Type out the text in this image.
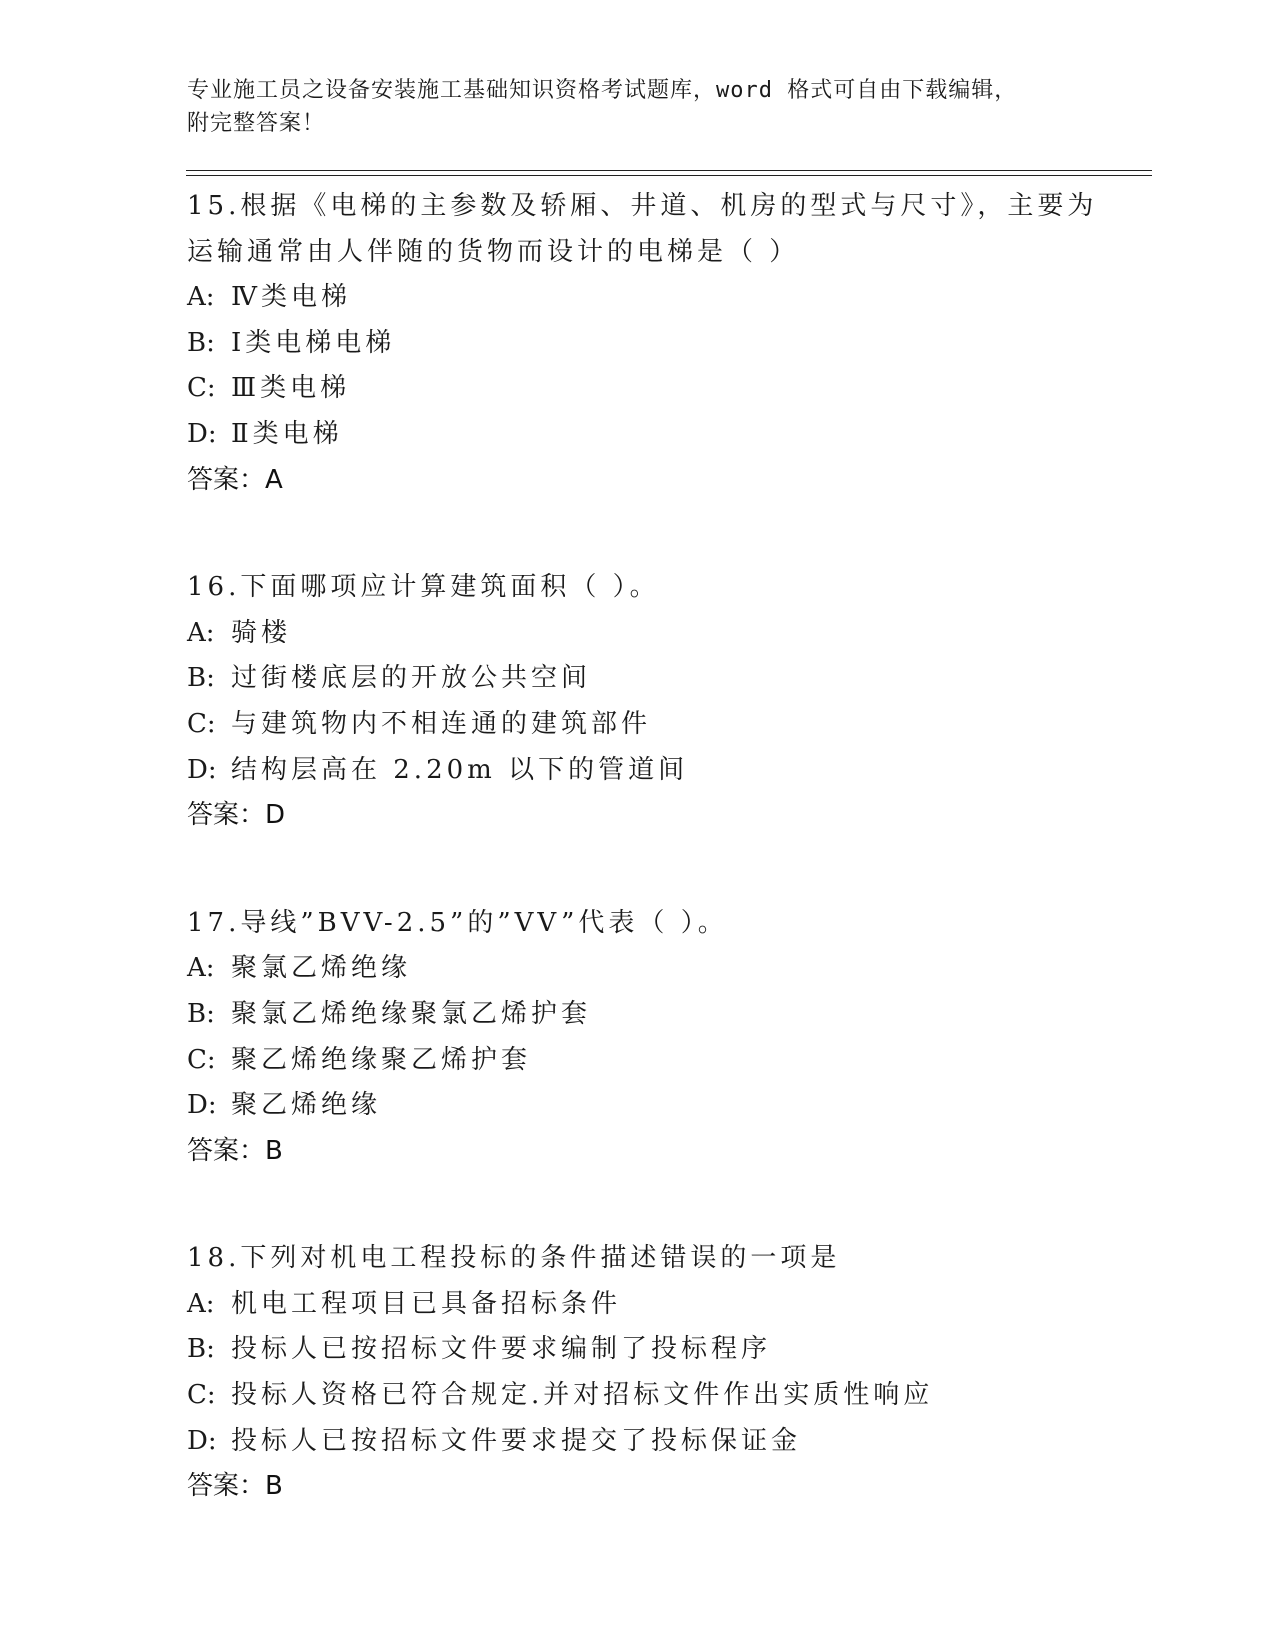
专业施工员之设备安装施工基础知识资格考试题库，word 格式可自由下载编辑，
附完整答案！
15.根据《电梯的主参数及轿厢、井道、机房的型式与尺寸》，主要为
运输通常由人伴随的货物而设计的电梯是（ ）
A: Ⅳ类电梯
B: Ⅰ类电梯电梯
C: Ⅲ类电梯
D: Ⅱ类电梯
答案：A
16.下面哪项应计算建筑面积（ ）。
A: 骑楼
B: 过街楼底层的开放公共空间
C: 与建筑物内不相连通的建筑部件
D: 结构层高在 2.20m 以下的管道间
答案：D
17.导线”BVV-2.5”的”VV”代表（ ）。
A: 聚氯乙烯绝缘
B: 聚氯乙烯绝缘聚氯乙烯护套
C: 聚乙烯绝缘聚乙烯护套
D: 聚乙烯绝缘
答案：B
18.下列对机电工程投标的条件描述错误的一项是
A: 机电工程项目已具备招标条件
B: 投标人已按招标文件要求编制了投标程序
C: 投标人资格已符合规定.并对招标文件作出实质性响应
D: 投标人已按招标文件要求提交了投标保证金
答案：B
